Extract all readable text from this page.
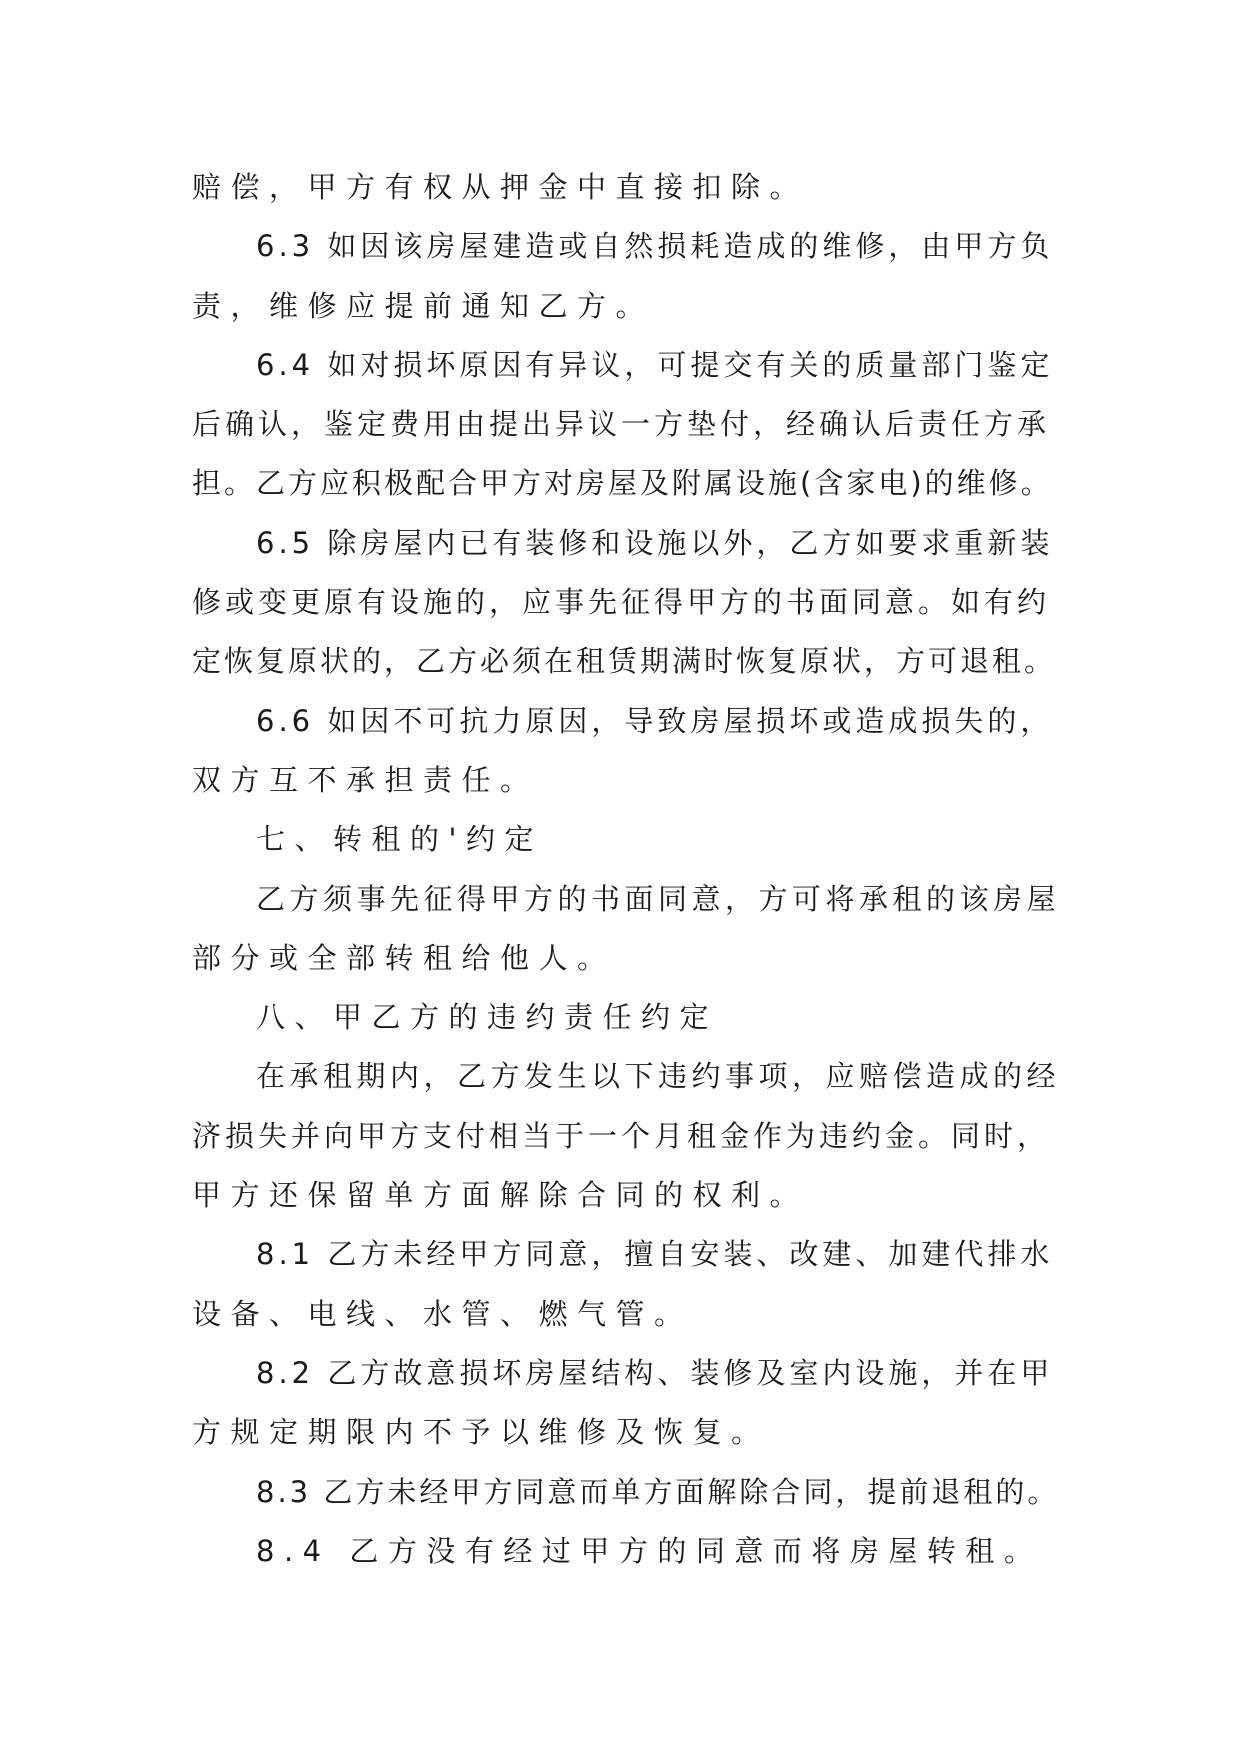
赔偿，甲方有权从押金中直接扣除。
6.3 如因该房屋建造或自然损耗造成的维修，由甲方负
责，维修应提前通知乙方。
6.4 如对损坏原因有异议，可提交有关的质量部门鉴定
后确认，鉴定费用由提出异议一方垫付，经确认后责任方承
担。乙方应积极配合甲方对房屋及附属设施(含家电)的维修。
6.5 除房屋内已有装修和设施以外，乙方如要求重新装
修或变更原有设施的，应事先征得甲方的书面同意。如有约
定恢复原状的，乙方必须在租赁期满时恢复原状，方可退租。
6.6 如因不可抗力原因，导致房屋损坏或造成损失的，
双方互不承担责任。
七、转租的'约定
乙方须事先征得甲方的书面同意，方可将承租的该房屋
部分或全部转租给他人。
八、甲乙方的违约责任约定
在承租期内，乙方发生以下违约事项，应赔偿造成的经
济损失并向甲方支付相当于一个月租金作为违约金。同时，
甲方还保留单方面解除合同的权利。
8.1 乙方未经甲方同意，擅自安装、改建、加建代排水
设备、电线、水管、燃气管。
8.2 乙方故意损坏房屋结构、装修及室内设施，并在甲
方规定期限内不予以维修及恢复。
8.3 乙方未经甲方同意而单方面解除合同，提前退租的。
8.4 乙方没有经过甲方的同意而将房屋转租。
